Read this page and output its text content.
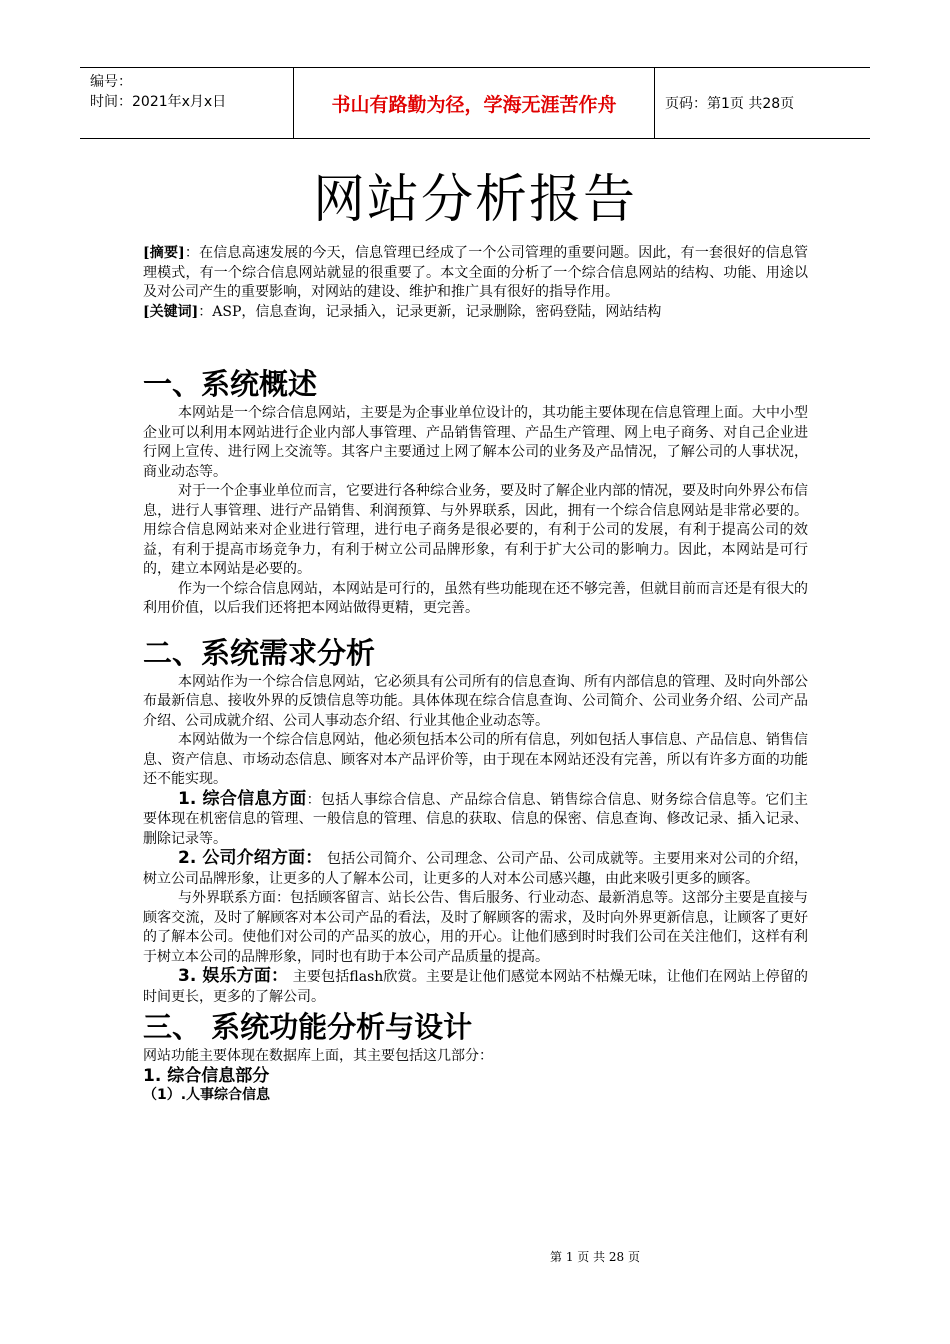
编号：
时间：2021年x月x日	书山有路勤为径，学海无涯苦作舟	页码：第1页 共28页
网站分析报告

[摘要]：在信息高速发展的今天，信息管理已经成了一个公司管理的重要问题。因此，有一套很好的信息管理模式，有一个综合信息网站就显的很重要了。本文全面的分析了一个综合信息网站的结构、功能、用途以及对公司产生的重要影响，对网站的建设、维护和推广具有很好的指导作用。

[关键词]：ASP，信息查询，记录插入，记录更新，记录删除，密码登陆，网站结构

一、系统概述

本网站是一个综合信息网站，主要是为企事业单位设计的，其功能主要体现在信息管理上面。大中小型企业可以利用本网站进行企业内部人事管理、产品销售管理、产品生产管理、网上电子商务、对自己企业进行网上宣传、进行网上交流等。其客户主要通过上网了解本公司的业务及产品情况，了解公司的人事状况，商业动态等。

对于一个企事业单位而言，它要进行各种综合业务，要及时了解企业内部的情况，要及时向外界公布信息，进行人事管理、进行产品销售、利润预算、与外界联系，因此，拥有一个综合信息网站是非常必要的。用综合信息网站来对企业进行管理，进行电子商务是很必要的，有利于公司的发展，有利于提高公司的效益，有利于提高市场竞争力，有利于树立公司品牌形象，有利于扩大公司的影响力。因此，本网站是可行的，建立本网站是必要的。

作为一个综合信息网站，本网站是可行的，虽然有些功能现在还不够完善，但就目前而言还是有很大的利用价值，以后我们还将把本网站做得更精，更完善。

二、系统需求分析

本网站作为一个综合信息网站，它必须具有公司所有的信息查询、所有内部信息的管理、及时向外部公布最新信息、接收外界的反馈信息等功能。具体体现在综合信息查询、公司简介、公司业务介绍、公司产品介绍、公司成就介绍、公司人事动态介绍、行业其他企业动态等。

本网站做为一个综合信息网站，他必须包括本公司的所有信息，列如包括人事信息、产品信息、销售信息、资产信息、市场动态信息、顾客对本产品评价等，由于现在本网站还没有完善，所以有许多方面的功能还不能实现。

1. 综合信息方面：包括人事综合信息、产品综合信息、销售综合信息、财务综合信息等。它们主要体现在机密信息的管理、一般信息的管理、信息的获取、信息的保密、信息查询、修改记录、插入记录、删除记录等。

2. 公司介绍方面： 包括公司简介、公司理念、公司产品、公司成就等。主要用来对公司的介绍，树立公司品牌形象，让更多的人了解本公司，让更多的人对本公司感兴趣，由此来吸引更多的顾客。

与外界联系方面：包括顾客留言、站长公告、售后服务、行业动态、最新消息等。这部分主要是直接与顾客交流，及时了解顾客对本公司产品的看法，及时了解顾客的需求，及时向外界更新信息，让顾客了更好的了解本公司。使他们对公司的产品买的放心，用的开心。让他们感到时时我们公司在关注他们，这样有利于树立本公司的品牌形象，同时也有助于本公司产品质量的提高。

3. 娱乐方面： 主要包括flash欣赏。主要是让他们感觉本网站不枯燥无味，让他们在网站上停留的时间更长，更多的了解公司。

三、 系统功能分析与设计

网站功能主要体现在数据库上面，其主要包括这几部分：

1. 综合信息部分
（1）.人事综合信息
第 1 页 共 28 页
